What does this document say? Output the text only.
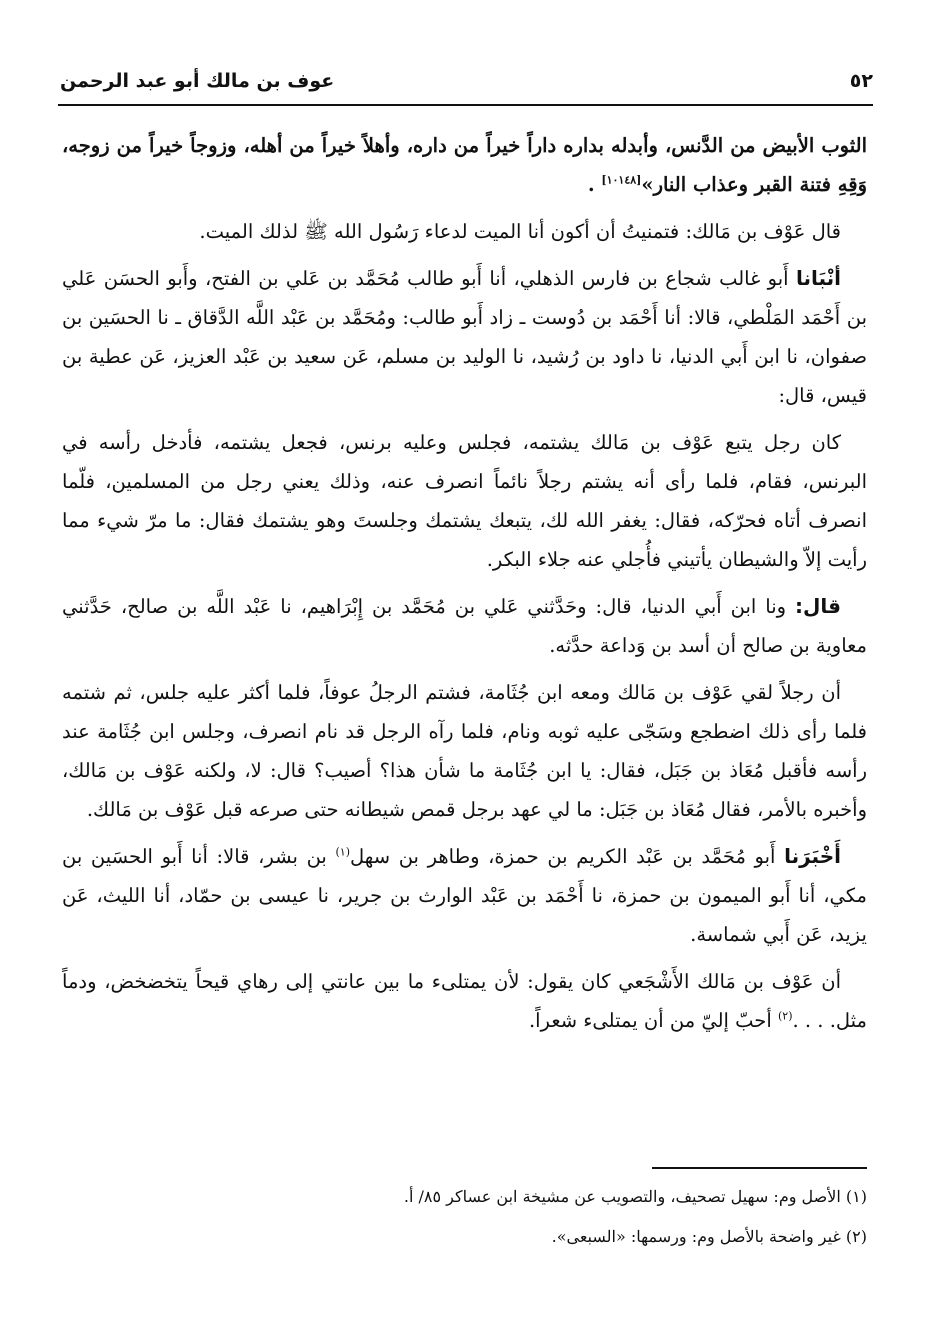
٥٢
عوف بن مالك أبو عبد الرحمن

الثوب الأبيض من الدَّنس، وأبدله بداره داراً خيراً من داره، وأهلاً خيراً من أهله، وزوجاً خيراً من زوجه، وَقِهِ فتنة القبر وعذاب النار»[١٠١٤٨] .

قال عَوْف بن مَالك: فتمنيتُ أن أكون أنا الميت لدعاء رَسُول الله ﷺ لذلك الميت.

أنْبَانا أَبو غالب شجاع بن فارس الذهلي، أنا أَبو طالب مُحَمَّد بن عَلي بن الفتح، وأَبو الحسَن عَلي بن أَحْمَد المَلْطي، قالا: أنا أَحْمَد بن دُوست ـ زاد أَبو طالب: ومُحَمَّد بن عَبْد اللَّه الدَّقاق ـ نا الحسَين بن صفوان، نا ابن أَبي الدنيا، نا داود بن رُشيد، نا الوليد بن مسلم، عَن سعيد بن عَبْد العزيز، عَن عطية بن قيس، قال:

كان رجل يتبع عَوْف بن مَالك يشتمه، فجلس وعليه برنس، فجعل يشتمه، فأدخل رأسه في البرنس، فقام، فلما رأى أنه يشتم رجلاً نائماً انصرف عنه، وذلك يعني رجل من المسلمين، فلّما انصرف أتاه فحرّكه، فقال: يغفر الله لك، يتبعك يشتمك وجلستَ وهو يشتمك فقال: ما مرّ شيء مما رأيت إلاّ والشيطان يأتيني فأُجلي عنه جلاء البكر.

قال: ونا ابن أَبي الدنيا، قال: وحَدَّثني عَلي بن مُحَمَّد بن إِبْرَاهيم، نا عَبْد اللَّه بن صالح، حَدَّثني معاوية بن صالح أن أسد بن وَداعة حدَّثه.

أن رجلاً لقي عَوْف بن مَالك ومعه ابن جُثَامة، فشتم الرجلُ عوفاً، فلما أكثر عليه جلس، ثم شتمه فلما رأى ذلك اضطجع وسَجّى عليه ثوبه ونام، فلما رآه الرجل قد نام انصرف، وجلس ابن جُثَامة عند رأسه فأقبل مُعَاذ بن جَبَل، فقال: يا ابن جُثَامة ما شأن هذا؟ أصيب؟ قال: لا، ولكنه عَوْف بن مَالك، وأخبره بالأمر، فقال مُعَاذ بن جَبَل: ما لي عهد برجل قمص شيطانه حتى صرعه قبل عَوْف بن مَالك.

أَخْبَرَنا أَبو مُحَمَّد بن عَبْد الكريم بن حمزة، وطاهر بن سهل$^{(١)}$ بن بشر، قالا: أنا أَبو الحسَين بن مكي، أنا أَبو الميمون بن حمزة، نا أَحْمَد بن عَبْد الوارث بن جرير، نا عيسى بن حمّاد، أنا الليث، عَن يزيد، عَن أَبي شماسة.

أن عَوْف بن مَالك الأَشْجَعي كان يقول: لأن يمتلىء ما بين عانتي إلى رهاي قيحاً يتخضخض، ودماً مثل. . . .$^{(٢)}$ أحبّ إليّ من أن يمتلىء شعراً.

(١) الأصل وم: سهيل تصحيف، والتصويب عن مشيخة ابن عساكر ٨٥/ أ.
(٢) غير واضحة بالأصل وم: ورسمها: «السبعى».
